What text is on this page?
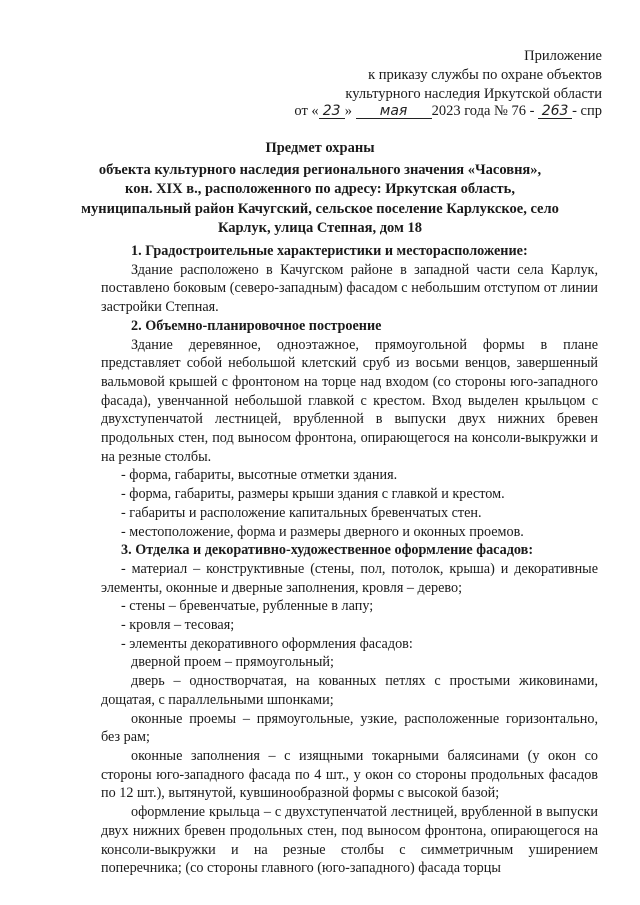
Приложение
к приказу службы по охране объектов
культурного наследия Иркутской области
от « 23 » мая 2023 года № 76 - 263 - спр
Предмет охраны
объекта культурного наследия регионального значения «Часовня»,
кон. XIX в., расположенного по адресу: Иркутская область,
муниципальный район Качугский, сельское поселение Карлукское, село
Карлук, улица Степная, дом 18

1. Градостроительные характеристики и месторасположение:

Здание расположено в Качугском районе в западной части села Карлук, поставлено боковым (северо-западным) фасадом с небольшим отступом от линии застройки Степная.

2. Объемно-планировочное построение

Здание деревянное, одноэтажное, прямоугольной формы в плане представляет собой небольшой клетский сруб из восьми венцов, завершенный вальмовой крышей с фронтоном на торце над входом (со стороны юго-западного фасада), увенчанной небольшой главкой с крестом. Вход выделен крыльцом с двухступенчатой лестницей, врубленной в выпуски двух нижних бревен продольных стен, под выносом фронтона, опирающегося на консоли-выкружки и на резные столбы.

- форма, габариты, высотные отметки здания.

- форма, габариты, размеры крыши здания с главкой и крестом.

- габариты и расположение капитальных бревенчатых стен.

- местоположение, форма и размеры дверного и оконных проемов.

3. Отделка и декоративно-художественное оформление фасадов:

- материал – конструктивные (стены, пол, потолок, крыша) и декоративные элементы, оконные и дверные заполнения, кровля – дерево;

- стены – бревенчатые, рубленные в лапу;

- кровля – тесовая;

- элементы декоративного оформления фасадов:

дверной проем – прямоугольный;

дверь – одностворчатая, на кованных петлях с простыми жиковинами, дощатая, с параллельными шпонками;

оконные проемы – прямоугольные, узкие, расположенные горизонтально, без рам;

оконные заполнения – с изящными токарными балясинами (у окон со стороны юго-западного фасада по 4 шт., у окон со стороны продольных фасадов по 12 шт.), вытянутой, кувшинообразной формы с высокой базой;

оформление крыльца – с двухступенчатой лестницей, врубленной в выпуски двух нижних бревен продольных стен, под выносом фронтона, опирающегося на консоли-выкружки и на резные столбы с симметричным уширением поперечника; (со стороны главного (юго-западного) фасада торцы
